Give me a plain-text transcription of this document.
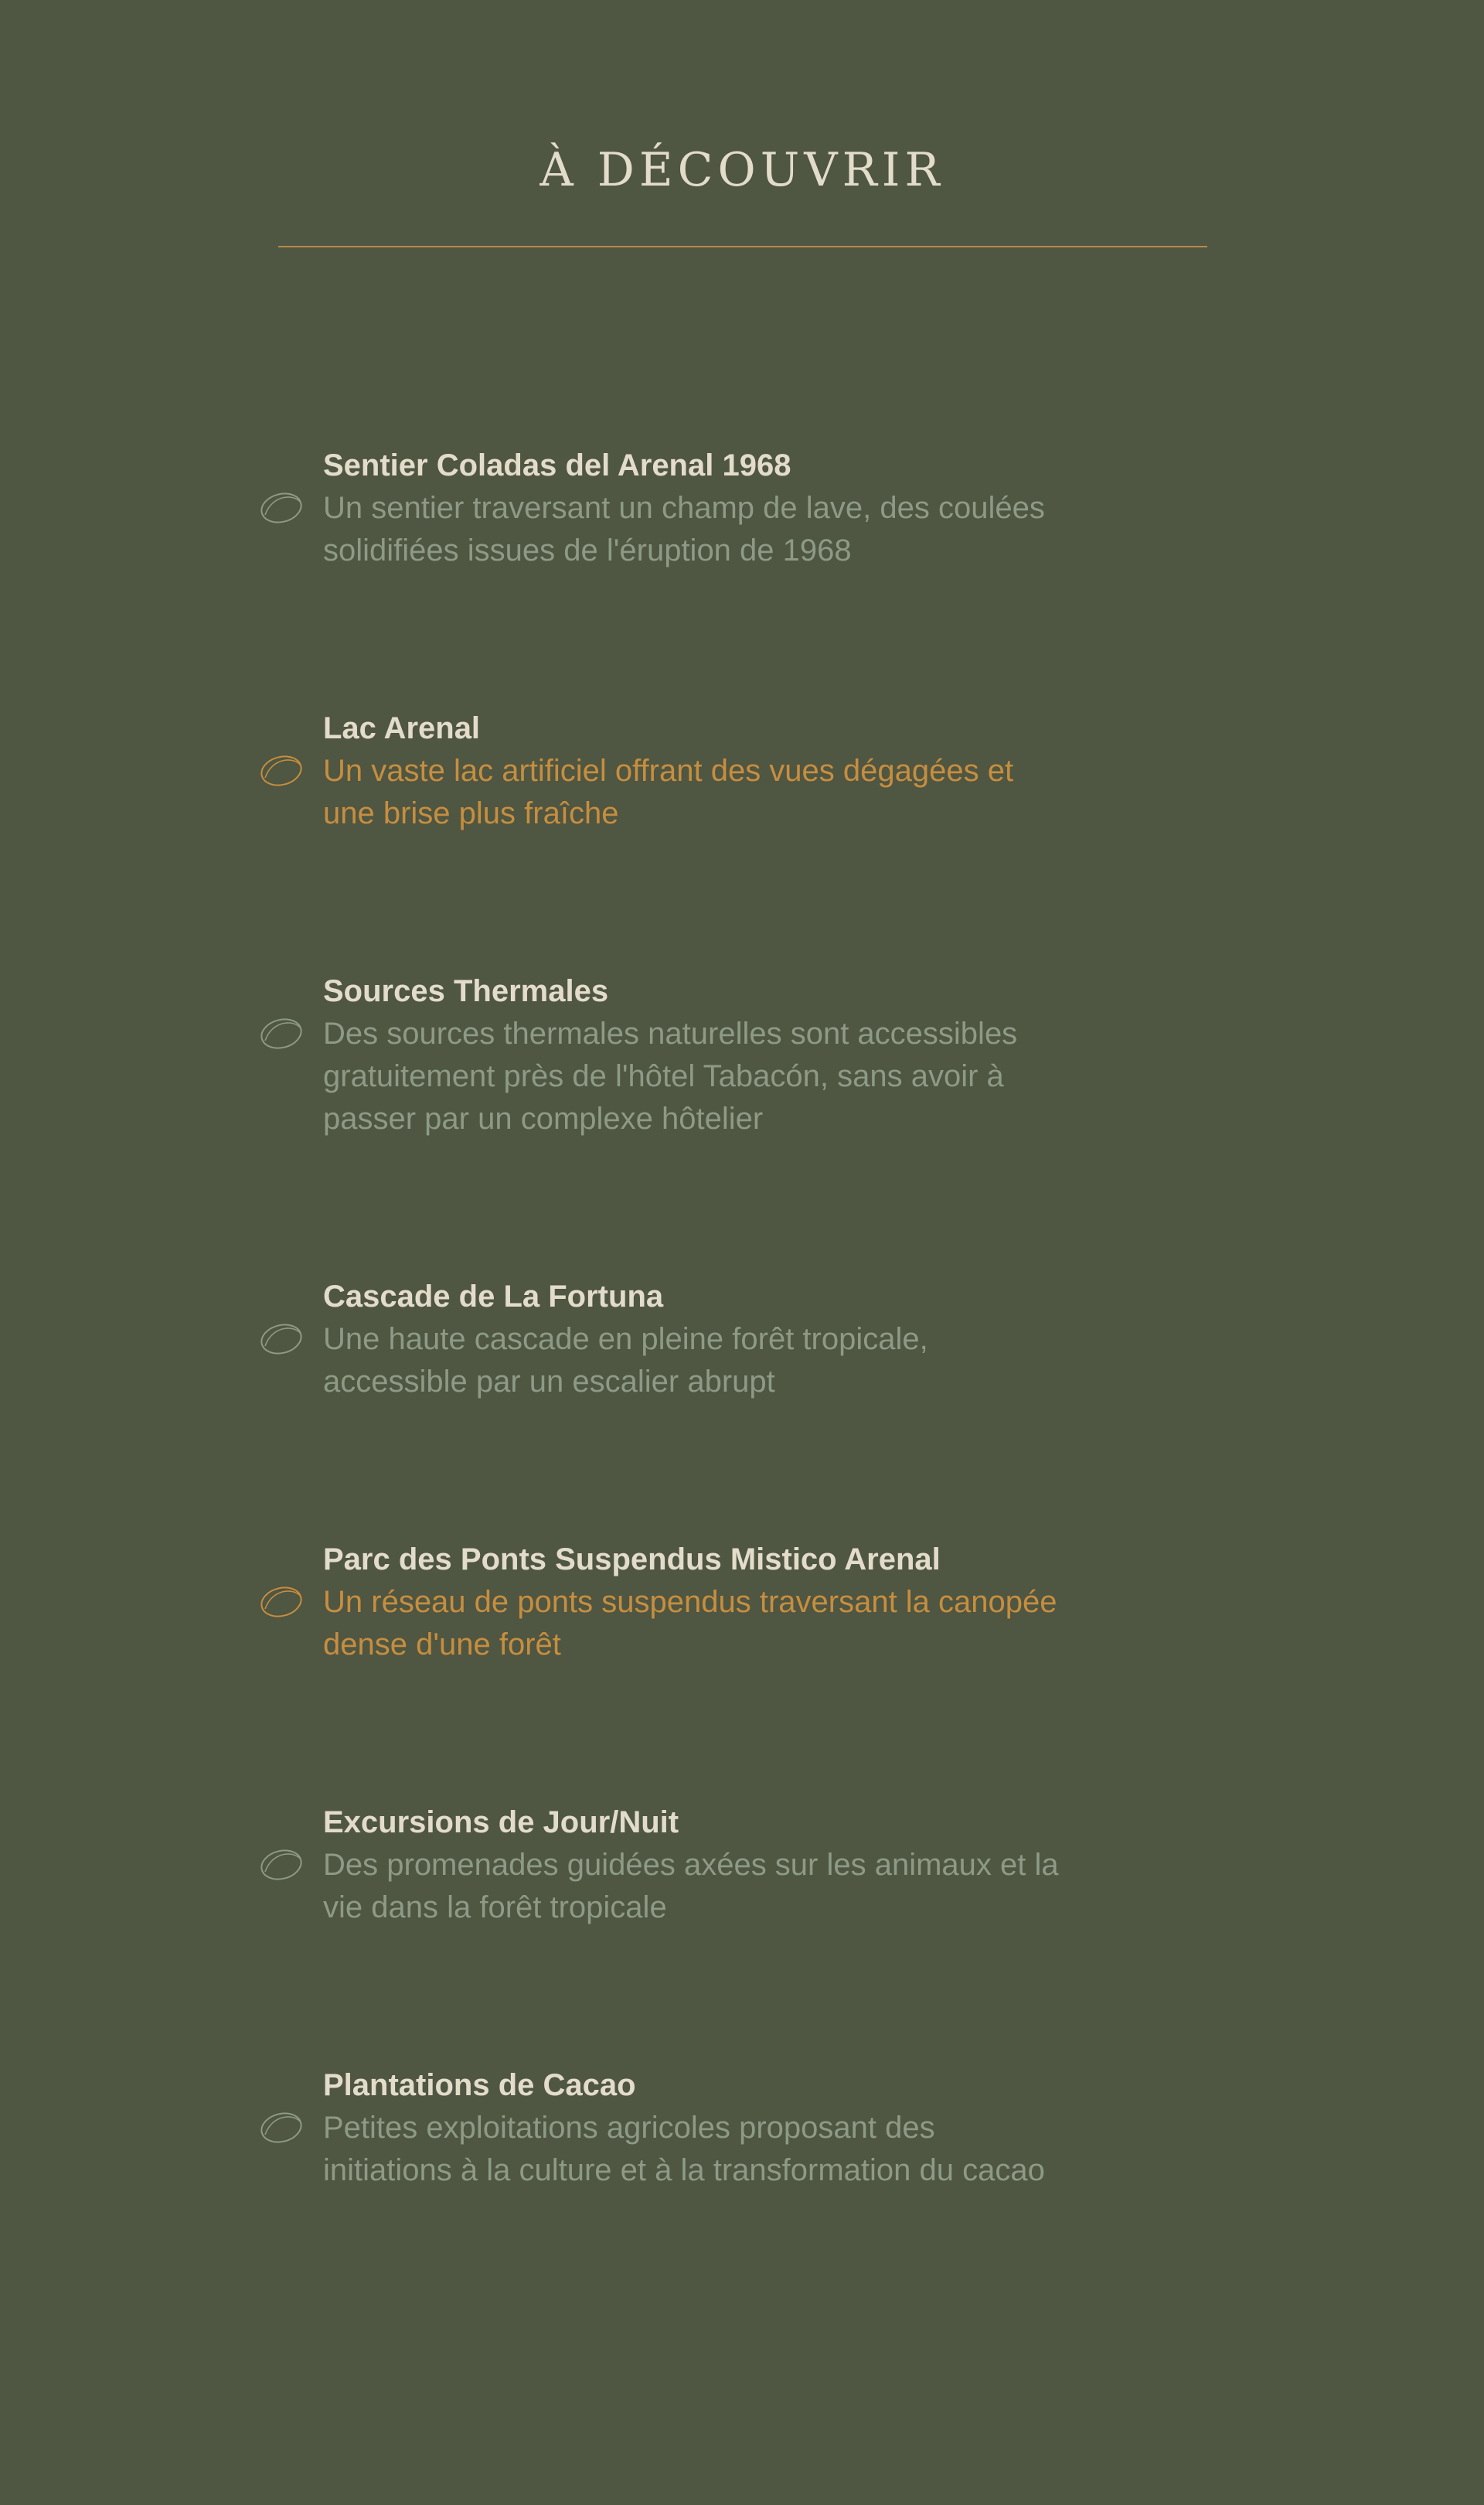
À DÉCOUVRIR
Sentier Coladas del Arenal 1968
Un sentier traversant un champ de lave, des coulées
solidifiées issues de l'éruption de 1968
Lac Arenal
Un vaste lac artificiel offrant des vues dégagées et
une brise plus fraîche
Sources Thermales
Des sources thermales naturelles sont accessibles
gratuitement près de l'hôtel Tabacón, sans avoir à
passer par un complexe hôtelier
Cascade de La Fortuna
Une haute cascade en pleine forêt tropicale,
accessible par un escalier abrupt
Parc des Ponts Suspendus Mistico Arenal
Un réseau de ponts suspendus traversant la canopée
dense d'une forêt
Excursions de Jour/Nuit
Des promenades guidées axées sur les animaux et la
vie dans la forêt tropicale
Plantations de Cacao
Petites exploitations agricoles proposant des
initiations à la culture et à la transformation du cacao
